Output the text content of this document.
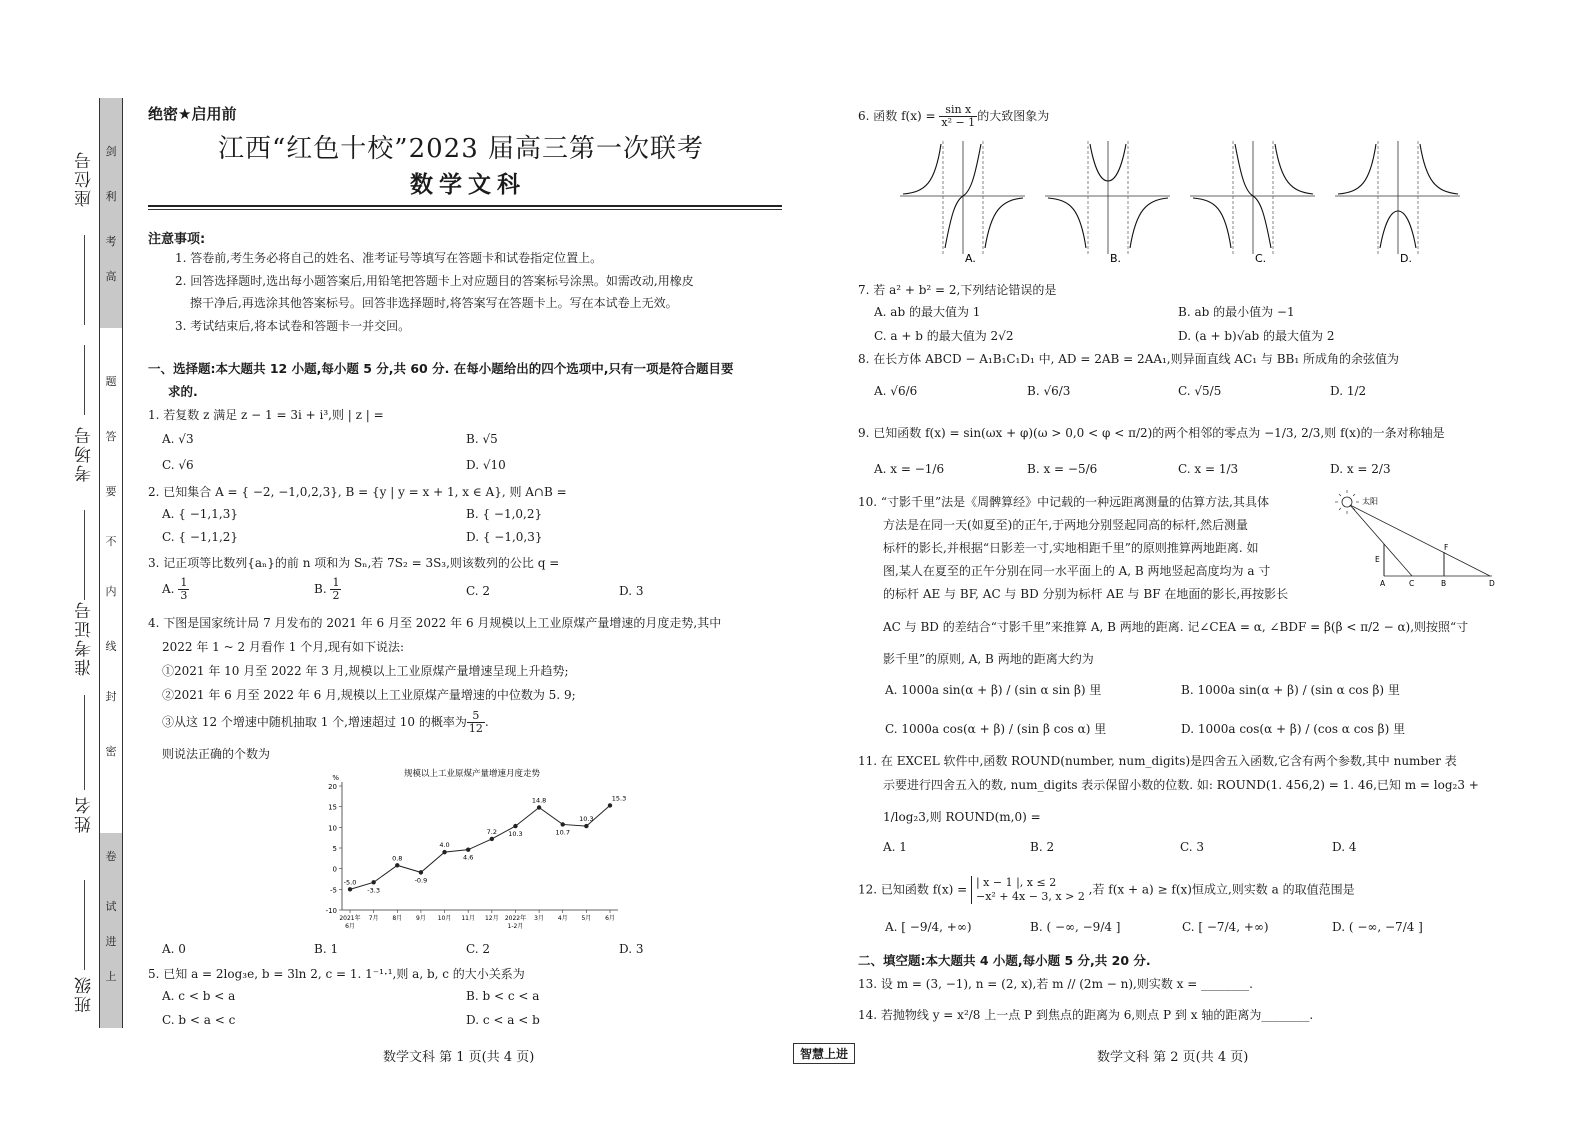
座位号
考场号
准考证号
姓名
班级
剑
利
考
高
题
答
要
不
内
线
封
密
卷
试
进
上
绝密★启用前
江西“红色十校”2023 届高三第一次联考
数学文科
注意事项:
1. 答卷前,考生务必将自己的姓名、准考证号等填写在答题卡和试卷指定位置上。
2. 回答选择题时,选出每小题答案后,用铅笔把答题卡上对应题目的答案标号涂黑。如需改动,用橡皮
擦干净后,再选涂其他答案标号。回答非选择题时,将答案写在答题卡上。写在本试卷上无效。
3. 考试结束后,将本试卷和答题卡一并交回。
一、选择题:本大题共 12 小题,每小题 5 分,共 60 分. 在每小题给出的四个选项中,只有一项是符合题目要
求的.
1. 若复数 z 满足 z − 1 = 3i + i³,则 | z | =
A. √3	B. √5
C. √6	D. √10
2. 已知集合 A = { −2, −1,0,2,3}, B = {y | y = x + 1, x ∈ A}, 则 A∩B =
A. { −1,1,3}	B. { −1,0,2}
C. { −1,1,2}	D. { −1,0,3}
3. 记正项等比数列{aₙ}的前 n 项和为 Sₙ,若 7S₂ = 3S₃,则该数列的公比 q =
A. $\frac{1}{3}$	B. $\frac{1}{2}$	C. 2	D. 3
4. 下图是国家统计局 7 月发布的 2021 年 6 月至 2022 年 6 月规模以上工业原煤产量增速的月度走势,其中
2022 年 1 ~ 2 月看作 1 个月,现有如下说法:
①2021 年 10 月至 2022 年 3 月,规模以上工业原煤产量增速呈现上升趋势;
②2021 年 6 月至 2022 年 6 月,规模以上工业原煤产量增速的中位数为 5. 9;
③从这 12 个增速中随机抽取 1 个,增速超过 10 的概率为 $\frac{5}{12}$ .
则说法正确的个数为
规模以上工业原煤产量增速月度走势
%
20
15
10
5
0
-5
-10
2021年
6月
7月 8月 9月 10月 11月 12月 2022年
1-2月
3月 4月 5月 6月
-5.0
-3.3
0.8
-0.9
4.0
4.6
7.2 10.3
14.8
10.7
10.3
15.3
A. 0	B. 1	C. 2	D. 3
5. 已知 a = 2log₃e, b = 3ln 2, c = 1. 1⁻¹·¹,则 a, b, c 的大小关系为
A. c < b < a	B. b < c < a
C. b < a < c	D. c < a < b
6. 函数 $f(x) = \frac{\text{sin x}}{\text{x² − 1}}$ 的大致图象为
A.	B.	C.	D.
7. 若 a² + b² = 2,下列结论错误的是
A. ab 的最大值为 1	B. ab 的最小值为 −1
C. a + b 的最大值为 2√2	D. (a + b)√ab 的最大值为 2
8. 在长方体 ABCD − A₁B₁C₁D₁ 中, AD = 2AB = 2AA₁,则异面直线 AC₁ 与 BB₁ 所成角的余弦值为
A. √6/6	B. √6/3	C. √5/5	D. 1/2
9. 已知函数 f(x) = sin(ωx + φ)(ω > 0,0 < φ < π/2)的两个相邻的零点为 −1/3, 2/3,则 f(x)的一条对称轴是
A. x = −1/6	B. x = −5/6	C. x = 1/3	D. x = 2/3
10. “寸影千里”法是《周髀算经》中记载的一种远距离测量的估算方法,其具体
方法是在同一天(如夏至)的正午,于两地分别竖起同高的标杆,然后测量
标杆的影长,并根据“日影差一寸,实地相距千里”的原则推算两地距离. 如
图,某人在夏至的正午分别在同一水平面上的 A, B 两地竖起高度均为 a 寸
的标杆 AE 与 BF, AC 与 BD 分别为标杆 AE 与 BF 在地面的影长,再按影长
AC 与 BD 的差结合“寸影千里”来推算 A, B 两地的距离. 记∠CEA = α, ∠BDF = β(β < π/2 − α),则按照“寸
影千里”的原则, A, B 两地的距离大约为
太阳
E
F
A	C	B	D
A. 1000a sin(α + β) / (sin α sin β) 里	B. 1000a sin(α + β) / (sin α cos β) 里
C. 1000a cos(α + β) / (sin β cos α) 里	D. 1000a cos(α + β) / (cos α cos β) 里
11. 在 EXCEL 软件中,函数 ROUND(number, num_digits)是四舍五入函数,它含有两个参数,其中 number 表
示要进行四舍五入的数, num_digits 表示保留小数的位数. 如: ROUND(1. 456,2) = 1. 46,已知 m = log₂3 +
1/log₂3,则 ROUND(m,0) =
A. 1	B. 2	C. 3	D. 4
12. 已知函数 f(x) = | x − 1 |, x ≤ 2
−x² + 4x − 3, x > 2 ,若 f(x + a) ≥ f(x)恒成立,则实数 a 的取值范围是
A. [ −9/4, +∞)	B. ( −∞, −9/4 ]	C. [ −7/4, +∞)	D. ( −∞, −7/4 ]
二、填空题:本大题共 4 小题,每小题 5 分,共 20 分.
13. 设 m = (3, −1), n = (2, x),若 m // (2m − n),则实数 x = ________.
14. 若抛物线 y = x²/8 上一点 P 到焦点的距离为 6,则点 P 到 x 轴的距离为________.
数学文科 第 1 页(共 4 页)	智慧上进	数学文科 第 2 页(共 4 页)
